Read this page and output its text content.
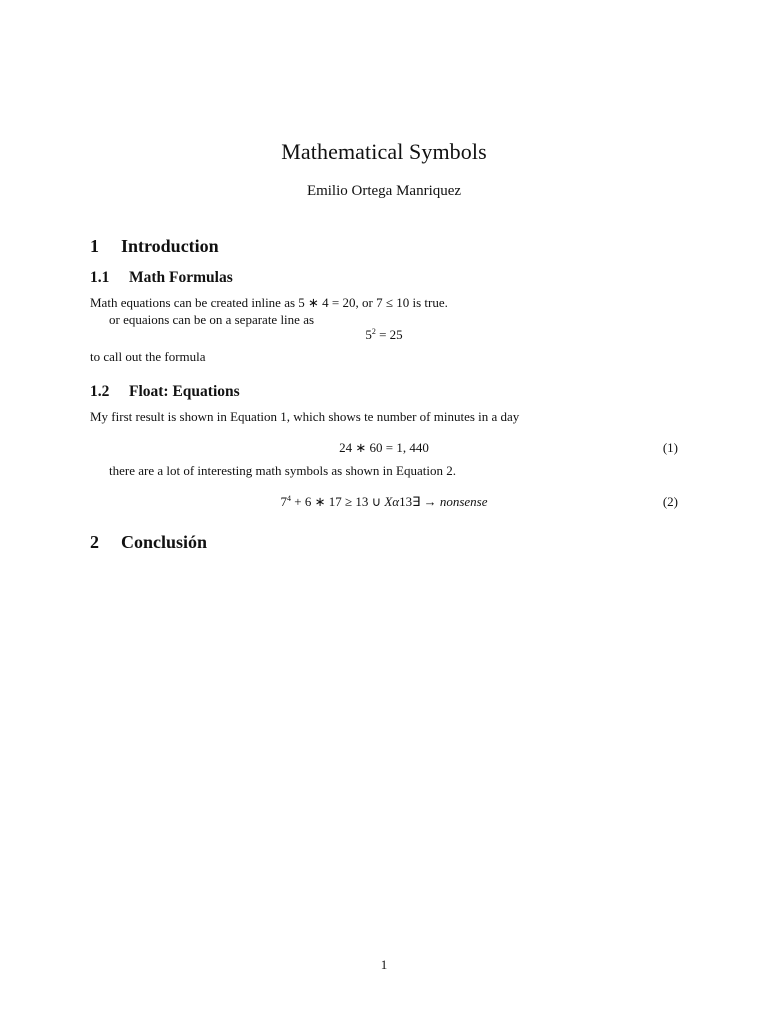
Mathematical Symbols
Emilio Ortega Manriquez
1 Introduction
1.1 Math Formulas
Math equations can be created inline as 5 ∗ 4 = 20, or 7 ≤ 10 is true.
or equaions can be on a separate line as
$5^2 = 25$
to call out the formula
1.2 Float: Equations
My first result is shown in Equation 1, which shows te number of minutes in a day
24 ∗ 60 = 1, 440	(1)
there are a lot of interesting math symbols as shown in Equation 2.
$7^4 + 6$ ∗ 17 ≥ 13 ∪ Xα13∃ → nonsense	(2)
2 Conclusión
1
